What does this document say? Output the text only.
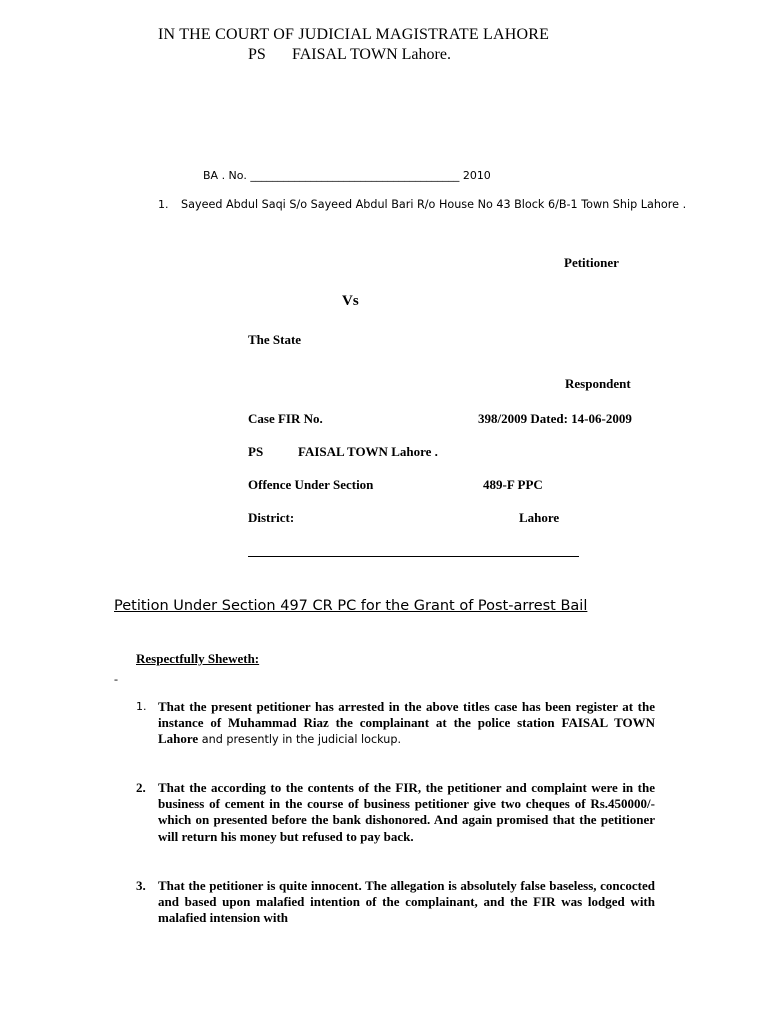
IN THE COURT OF JUDICIAL MAGISTRATE LAHORE
PS FAISAL TOWN Lahore.
BA . No. ______________________________________ 2010
1. Sayeed Abdul Saqi S/o Sayeed Abdul Bari R/o House No 43 Block 6/B-1 Town Ship Lahore .
Petitioner
Vs
The State
Respondent
Case FIR No.	398/2009 Dated: 14-06-2009
PS	FAISAL TOWN Lahore .
Offence Under Section	489-F PPC
District:	Lahore
Petition Under Section 497 CR PC for the Grant of Post-arrest Bail
Respectfully Sheweth:
-
1. That the present petitioner has arrested in the above titles case has been register at the instance of Muhammad Riaz the complainant at the police station FAISAL TOWN Lahore and presently in the judicial lockup.
2. That the according to the contents of the FIR, the petitioner and complaint were in the business of cement in the course of business petitioner give two cheques of Rs.450000/- which on presented before the bank dishonored. And again promised that the petitioner will return his money but refused to pay back.
3. That the petitioner is quite innocent. The allegation is absolutely false baseless, concocted and based upon malafied intention of the complainant, and the FIR was lodged with malafied intension with
